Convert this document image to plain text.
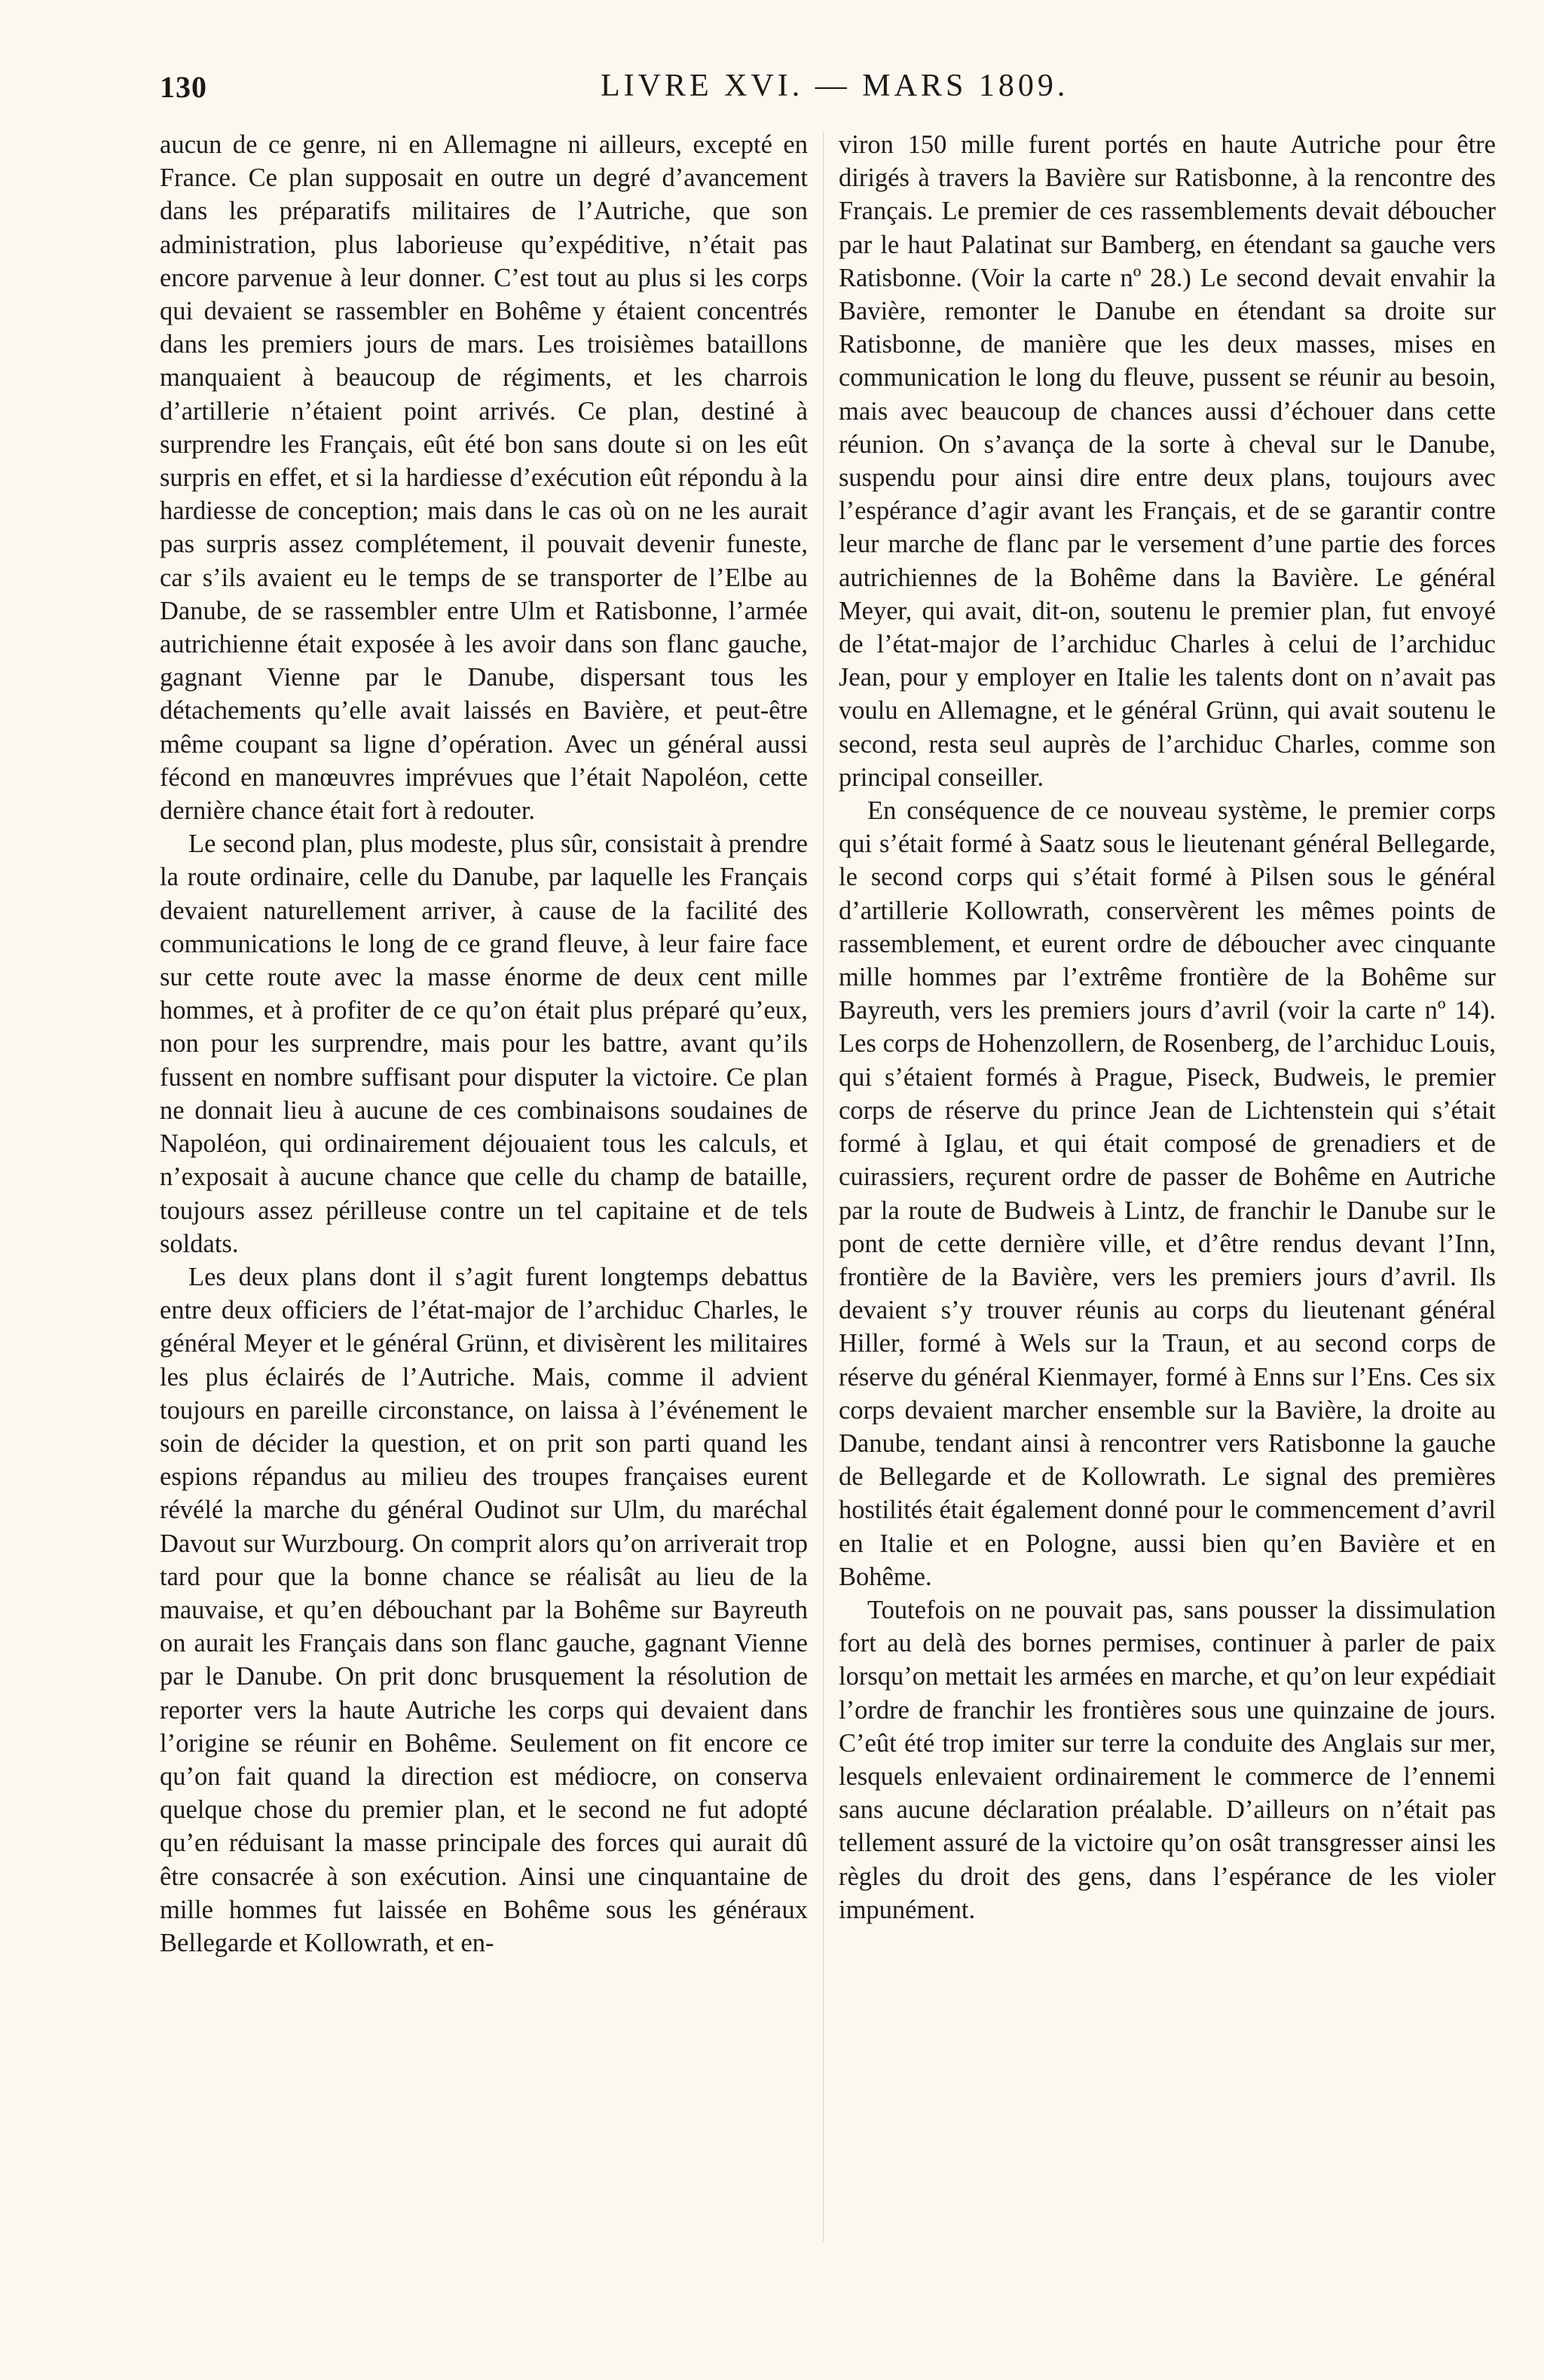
130	LIVRE XVI. — MARS 1809.

aucun de ce genre, ni en Allemagne ni ailleurs, excepté en France. Ce plan supposait en outre un degré d’avancement dans les préparatifs militaires de l’Autriche, que son administration, plus laborieuse qu’expéditive, n’était pas encore parvenue à leur donner. C’est tout au plus si les corps qui devaient se rassembler en Bohême y étaient concentrés dans les premiers jours de mars. Les troisièmes bataillons manquaient à beaucoup de régiments, et les charrois d’artillerie n’étaient point arrivés. Ce plan, destiné à surprendre les Français, eût été bon sans doute si on les eût surpris en effet, et si la hardiesse d’exécution eût répondu à la hardiesse de conception; mais dans le cas où on ne les aurait pas surpris assez complétement, il pouvait devenir funeste, car s’ils avaient eu le temps de se transporter de l’Elbe au Danube, de se rassembler entre Ulm et Ratisbonne, l’armée autrichienne était exposée à les avoir dans son flanc gauche, gagnant Vienne par le Danube, dispersant tous les détachements qu’elle avait laissés en Bavière, et peut-être même coupant sa ligne d’opération. Avec un général aussi fécond en manœuvres imprévues que l’était Napoléon, cette dernière chance était fort à redouter.

Le second plan, plus modeste, plus sûr, consistait à prendre la route ordinaire, celle du Danube, par laquelle les Français devaient naturellement arriver, à cause de la facilité des communications le long de ce grand fleuve, à leur faire face sur cette route avec la masse énorme de deux cent mille hommes, et à profiter de ce qu’on était plus préparé qu’eux, non pour les surprendre, mais pour les battre, avant qu’ils fussent en nombre suffisant pour disputer la victoire. Ce plan ne donnait lieu à aucune de ces combinaisons soudaines de Napoléon, qui ordinairement déjouaient tous les calculs, et n’exposait à aucune chance que celle du champ de bataille, toujours assez périlleuse contre un tel capitaine et de tels soldats.

Les deux plans dont il s’agit furent longtemps debattus entre deux officiers de l’état-major de l’archiduc Charles, le général Meyer et le général Grünn, et divisèrent les militaires les plus éclairés de l’Autriche. Mais, comme il advient toujours en pareille circonstance, on laissa à l’événement le soin de décider la question, et on prit son parti quand les espions répandus au milieu des troupes françaises eurent révélé la marche du général Oudinot sur Ulm, du maréchal Davout sur Wurzbourg. On comprit alors qu’on arriverait trop tard pour que la bonne chance se réalisât au lieu de la mauvaise, et qu’en débouchant par la Bohême sur Bayreuth on aurait les Français dans son flanc gauche, gagnant Vienne par le Danube. On prit donc brusquement la résolution de reporter vers la haute Autriche les corps qui devaient dans l’origine se réunir en Bohême. Seulement on fit encore ce qu’on fait quand la direction est médiocre, on conserva quelque chose du premier plan, et le second ne fut adopté qu’en réduisant la masse principale des forces qui aurait dû être consacrée à son exécution. Ainsi une cinquantaine de mille hommes fut laissée en Bohême sous les généraux Bellegarde et Kollowrath, et en-

viron 150 mille furent portés en haute Autriche pour être dirigés à travers la Bavière sur Ratisbonne, à la rencontre des Français. Le premier de ces rassemblements devait déboucher par le haut Palatinat sur Bamberg, en étendant sa gauche vers Ratisbonne. (Voir la carte nº 28.) Le second devait envahir la Bavière, remonter le Danube en étendant sa droite sur Ratisbonne, de manière que les deux masses, mises en communication le long du fleuve, pussent se réunir au besoin, mais avec beaucoup de chances aussi d’échouer dans cette réunion. On s’avança de la sorte à cheval sur le Danube, suspendu pour ainsi dire entre deux plans, toujours avec l’espérance d’agir avant les Français, et de se garantir contre leur marche de flanc par le versement d’une partie des forces autrichiennes de la Bohême dans la Bavière. Le général Meyer, qui avait, dit-on, soutenu le premier plan, fut envoyé de l’état-major de l’archiduc Charles à celui de l’archiduc Jean, pour y employer en Italie les talents dont on n’avait pas voulu en Allemagne, et le général Grünn, qui avait soutenu le second, resta seul auprès de l’archiduc Charles, comme son principal conseiller.

En conséquence de ce nouveau système, le premier corps qui s’était formé à Saatz sous le lieutenant général Bellegarde, le second corps qui s’était formé à Pilsen sous le général d’artillerie Kollowrath, conservèrent les mêmes points de rassemblement, et eurent ordre de déboucher avec cinquante mille hommes par l’extrême frontière de la Bohême sur Bayreuth, vers les premiers jours d’avril (voir la carte nº 14). Les corps de Hohenzollern, de Rosenberg, de l’archiduc Louis, qui s’étaient formés à Prague, Piseck, Budweis, le premier corps de réserve du prince Jean de Lichtenstein qui s’était formé à Iglau, et qui était composé de grenadiers et de cuirassiers, reçurent ordre de passer de Bohême en Autriche par la route de Budweis à Lintz, de franchir le Danube sur le pont de cette dernière ville, et d’être rendus devant l’Inn, frontière de la Bavière, vers les premiers jours d’avril. Ils devaient s’y trouver réunis au corps du lieutenant général Hiller, formé à Wels sur la Traun, et au second corps de réserve du général Kienmayer, formé à Enns sur l’Ens. Ces six corps devaient marcher ensemble sur la Bavière, la droite au Danube, tendant ainsi à rencontrer vers Ratisbonne la gauche de Bellegarde et de Kollowrath. Le signal des premières hostilités était également donné pour le commencement d’avril en Italie et en Pologne, aussi bien qu’en Bavière et en Bohême.

Toutefois on ne pouvait pas, sans pousser la dissimulation fort au delà des bornes permises, continuer à parler de paix lorsqu’on mettait les armées en marche, et qu’on leur expédiait l’ordre de franchir les frontières sous une quinzaine de jours. C’eût été trop imiter sur terre la conduite des Anglais sur mer, lesquels enlevaient ordinairement le commerce de l’ennemi sans aucune déclaration préalable. D’ailleurs on n’était pas tellement assuré de la victoire qu’on osât transgresser ainsi les règles du droit des gens, dans l’espérance de les violer impunément.
